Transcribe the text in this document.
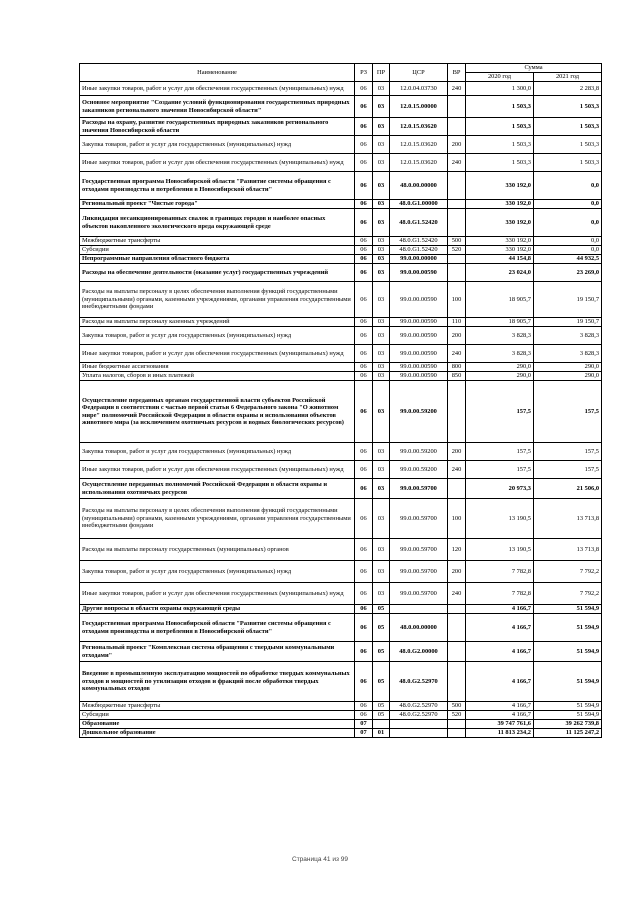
Наименование	РЗ	ПР	ЦСР	ВР	Сумма	
					2020 год	2021 год
Иные закупки товаров, работ и услуг для обеспечения государственных (муниципальных) нужд	06	03	12.0.04.03730	240	1 300,0	2 283,8
Основное мероприятие "Создание условий функционирования государственных природных заказников регионального значения Новосибирской области"	06	03	12.0.15.00000		1 503,3	1 503,3
Расходы на охрану, развитие государственных природных заказников регионального значения Новосибирской области	06	03	12.0.15.03620		1 503,3	1 503,3
Закупка товаров, работ и услуг для государственных (муниципальных) нужд	06	03	12.0.15.03620	200	1 503,3	1 503,3
Иные закупки товаров, работ и услуг для обеспечения государственных (муниципальных) нужд	06	03	12.0.15.03620	240	1 503,3	1 503,3
Государственная программа Новосибирской области "Развитие системы обращения с отходами производства и потребления в Новосибирской области"	06	03	48.0.00.00000		330 192,0	0,0
Региональный проект "Чистые города"	06	03	48.0.G1.00000		330 192,0	0,0
Ликвидация несанкционированных свалок в границах городов и наиболее опасных объектов накопленного экологического вреда окружающей среде	06	03	48.0.G1.52420		330 192,0	0,0
Межбюджетные трансферты	06	03	48.0.G1.52420	500	330 192,0	0,0
Субсидии	06	03	48.0.G1.52420	520	330 192,0	0,0
Непрограммные направления областного бюджета	06	03	99.0.00.00000		44 154,8	44 932,5
Расходы на обеспечение деятельности (оказание услуг) государственных учреждений	06	03	99.0.00.00590		23 024,0	23 269,0
Расходы на выплаты персоналу в целях обеспечения выполнения функций государственными (муниципальными) органами, казенными учреждениями, органами управления государственными внебюджетными фондами	06	03	99.0.00.00590	100	18 905,7	19 150,7
Расходы на выплаты персоналу казенных учреждений	06	03	99.0.00.00590	110	18 905,7	19 150,7
Закупка товаров, работ и услуг для государственных (муниципальных) нужд	06	03	99.0.00.00590	200	3 828,3	3 828,3
Иные закупки товаров, работ и услуг для обеспечения государственных (муниципальных) нужд	06	03	99.0.00.00590	240	3 828,3	3 828,3
Иные бюджетные ассигнования	06	03	99.0.00.00590	800	290,0	290,0
Уплата налогов, сборов и иных платежей	06	03	99.0.00.00590	850	290,0	290,0
Осуществление переданных органам государственной власти субъектов Российской Федерации в соответствии с частью первой статьи 6 Федерального закона "О животном мире" полномочий Российской Федерации в области охраны и использования объектов животного мира (за исключением охотничьих ресурсов и водных биологических ресурсов)	06	03	99.0.00.59200		157,5	157,5
Закупка товаров, работ и услуг для государственных (муниципальных) нужд	06	03	99.0.00.59200	200	157,5	157,5
Иные закупки товаров, работ и услуг для обеспечения государственных (муниципальных) нужд	06	03	99.0.00.59200	240	157,5	157,5
Осуществление переданных полномочий Российской Федерации в области охраны и использования охотничьих ресурсов	06	03	99.0.00.59700		20 973,3	21 506,0
Расходы на выплаты персоналу в целях обеспечения выполнения функций государственными (муниципальными) органами, казенными учреждениями, органами управления государственными внебюджетными фондами	06	03	99.0.00.59700	100	13 190,5	13 713,8
Расходы на выплаты персоналу государственных (муниципальных) органов	06	03	99.0.00.59700	120	13 190,5	13 713,8
Закупка товаров, работ и услуг для государственных (муниципальных) нужд	06	03	99.0.00.59700	200	7 782,8	7 792,2
Иные закупки товаров, работ и услуг для обеспечения государственных (муниципальных) нужд	06	03	99.0.00.59700	240	7 782,8	7 792,2
Другие вопросы в области охраны окружающей среды	06	05			4 166,7	51 594,9
Государственная программа Новосибирской области "Развитие системы обращения с отходами производства и потребления в Новосибирской области"	06	05	48.0.00.00000		4 166,7	51 594,9
Региональный проект "Комплексная система обращения с твердыми коммунальными отходами"	06	05	48.0.G2.00000		4 166,7	51 594,9
Введение в промышленную эксплуатацию мощностей по обработке твердых коммунальных отходов и мощностей по утилизации отходов и фракций после обработки твердых коммунальных отходов	06	05	48.0.G2.52970		4 166,7	51 594,9
Межбюджетные трансферты	06	05	48.0.G2.52970	500	4 166,7	51 594,9
Субсидии	06	05	48.0.G2.52970	520	4 166,7	51 594,9
Образование	07				39 747 761,6	39 262 739,8
Дошкольное образование	07	01			11 813 234,2	11 125 247,2
Страница 41 из 99
